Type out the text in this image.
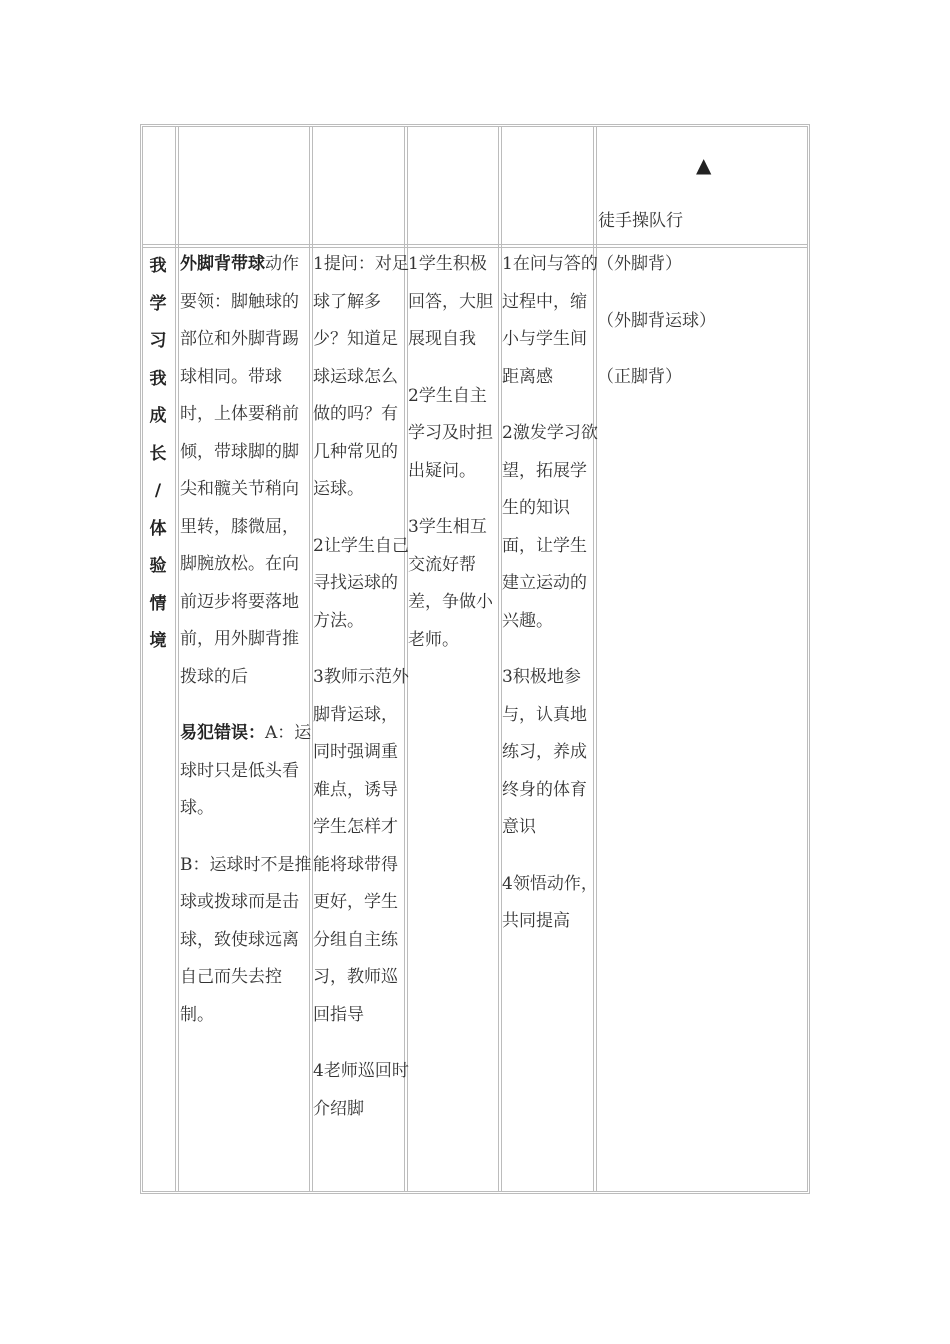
▲
徒手操队行
我
学
习
我
成
长
/
体
验
情
境

外脚背带球动作要领：脚触球的部位和外脚背踢球相同。带球时，上体要稍前倾，带球脚的脚尖和髋关节稍向里转，膝微屈，脚腕放松。在向前迈步将要落地前，用外脚背推拨球的后

易犯错误：A：运球时只是低头看球。

B：运球时不是推球或拨球而是击球，致使球远离自己而失去控制。

1提问：对足球了解多少？知道足球运球怎么做的吗？有几种常见的运球。

2让学生自己寻找运球的方法。

3教师示范外脚背运球，同时强调重难点，诱导学生怎样才能将球带得更好，学生分组自主练习，教师巡回指导

4老师巡回时介绍脚

1学生积极回答，大胆展现自我

2学生自主学习及时担出疑问。

3学生相互交流好帮差，争做小老师。

1在问与答的过程中，缩小与学生间距离感

2激发学习欲望，拓展学生的知识面，让学生建立运动的兴趣。

3积极地参与，认真地练习，养成终身的体育意识

4领悟动作，共同提高

（外脚背）

（外脚背运球）

（正脚背）
